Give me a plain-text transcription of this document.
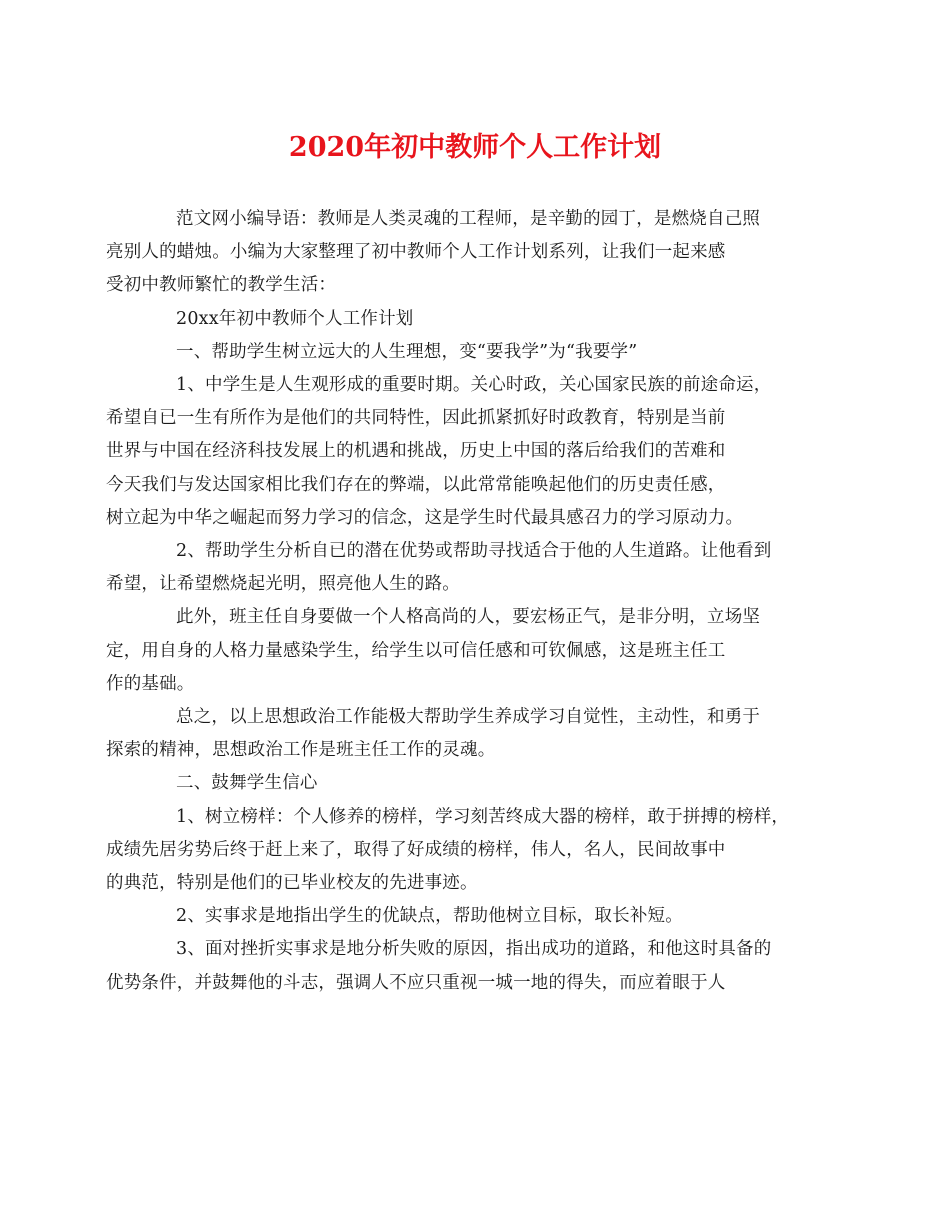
2020年初中教师个人工作计划

范文网小编导语：教师是人类灵魂的工程师，是辛勤的园丁，是燃烧自己照
亮别人的蜡烛。小编为大家整理了初中教师个人工作计划系列，让我们一起来感
受初中教师繁忙的教学生活：

20xx年初中教师个人工作计划

一、帮助学生树立远大的人生理想，变“要我学”为“我要学”

1、中学生是人生观形成的重要时期。关心时政，关心国家民族的前途命运，
希望自已一生有所作为是他们的共同特性，因此抓紧抓好时政教育，特别是当前
世界与中国在经济科技发展上的机遇和挑战，历史上中国的落后给我们的苦难和
今天我们与发达国家相比我们存在的弊端，以此常常能唤起他们的历史责任感，
树立起为中华之崛起而努力学习的信念，这是学生时代最具感召力的学习原动力。

2、帮助学生分析自已的潜在优势或帮助寻找适合于他的人生道路。让他看到
希望，让希望燃烧起光明，照亮他人生的路。

此外，班主任自身要做一个人格高尚的人，要宏杨正气，是非分明，立场坚
定，用自身的人格力量感染学生，给学生以可信任感和可钦佩感，这是班主任工
作的基础。

总之，以上思想政治工作能极大帮助学生养成学习自觉性，主动性，和勇于
探索的精神，思想政治工作是班主任工作的灵魂。

二、鼓舞学生信心

1、树立榜样：个人修养的榜样，学习刻苦终成大器的榜样，敢于拼搏的榜样，
成绩先居劣势后终于赶上来了，取得了好成绩的榜样，伟人，名人，民间故事中
的典范，特别是他们的已毕业校友的先进事迹。

2、实事求是地指出学生的优缺点，帮助他树立目标，取长补短。

3、面对挫折实事求是地分析失败的原因，指出成功的道路，和他这时具备的
优势条件，并鼓舞他的斗志，强调人不应只重视一城一地的得失，而应着眼于人
